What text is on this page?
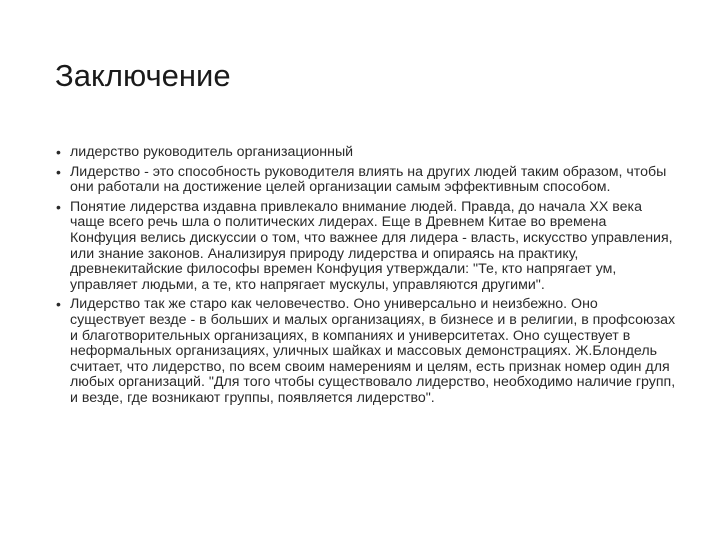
Заключение
• лидерство руководитель организационный
• Лидерство - это способность руководителя влиять на других людей таким образом, чтобы они работали на достижение целей организации самым эффективным способом.
• Понятие лидерства издавна привлекало внимание людей. Правда, до начала XX века чаще всего речь шла о политических лидерах. Еще в Древнем Китае во времена Конфуция велись дискуссии о том, что важнее для лидера - власть, искусство управления, или знание законов. Анализируя природу лидерства и опираясь на практику, древнекитайские философы времен Конфуция утверждали: "Те, кто напрягает ум, управляет людьми, а те, кто напрягает мускулы, управляются другими".
• Лидерство так же старо как человечество. Оно универсально и неизбежно. Оно существует везде - в больших и малых организациях, в бизнесе и в религии, в профсоюзах и благотворительных организациях, в компаниях и университетах. Оно существует в неформальных организациях, уличных шайках и массовых демонстрациях. Ж.Блондель считает, что лидерство, по всем своим намерениям и целям, есть признак номер один для любых организаций. "Для того чтобы существовало лидерство, необходимо наличие групп, и везде, где возникают группы, появляется лидерство".
